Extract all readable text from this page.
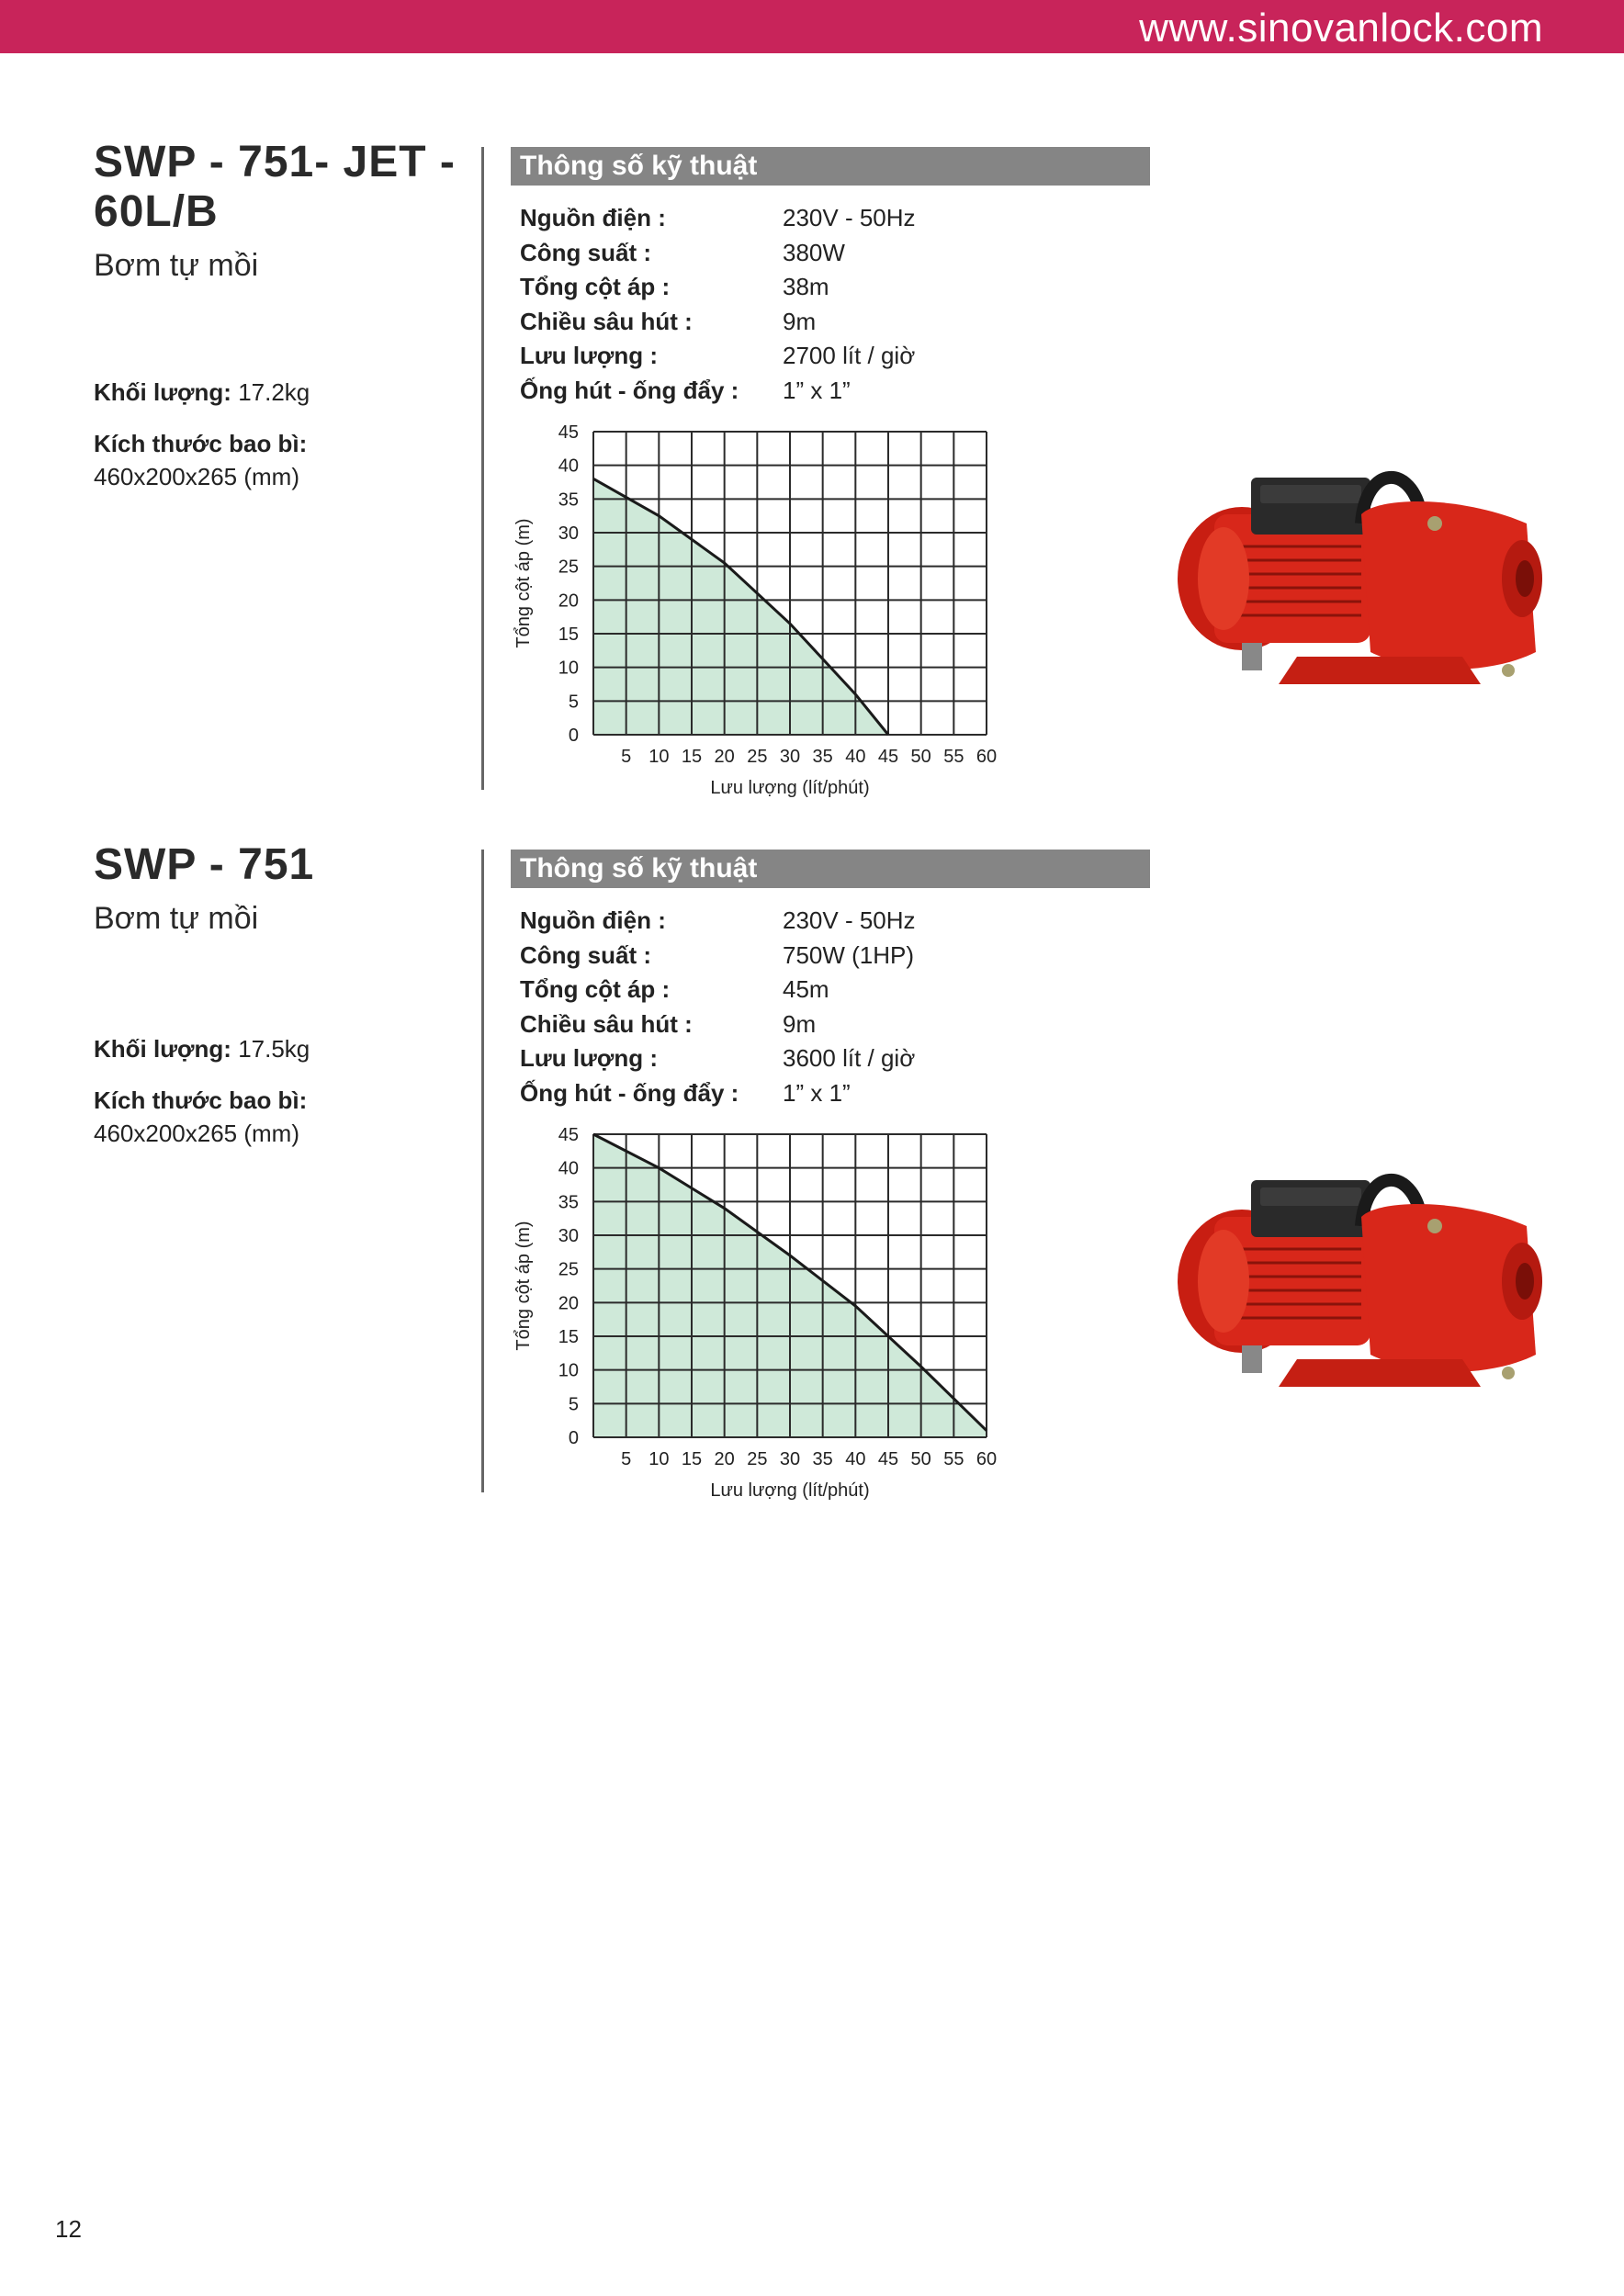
www.sinovanlock.com
SWP - 751- JET -
60L/B
Bơm tự mồi
Khối lượng: 17.2kg
Kích thước bao bì:
460x200x265 (mm)
Thông số kỹ thuật
Nguồn điện :	230V - 50Hz
Công suất :	380W
Tổng cột áp :	38m
Chiều sâu hút :	9m
Lưu lượng :	2700 lít / giờ
Ống hút - ống đẩy : 1” x 1”
0
5
10
15
20
25
30
35
40
45
5 10 15 20 25 30 35 40 45 50 55 60
Lưu lượng (lít/phút)
Tổng cột áp (m)
SWP - 751
Bơm tự mồi
Khối lượng: 17.5kg
Kích thước bao bì:
460x200x265 (mm)
Thông số kỹ thuật
Nguồn điện :	230V - 50Hz
Công suất :	750W (1HP)
Tổng cột áp :	45m
Chiều sâu hút :	9m
Lưu lượng :	3600 lít / giờ
Ống hút - ống đẩy : 1” x 1”
0
5
10
15
20
25
30
35
40
45
5 10 15 20 25 30 35 40 45 50 55 60
Lưu lượng (lít/phút)
Tổng cột áp (m)
12
